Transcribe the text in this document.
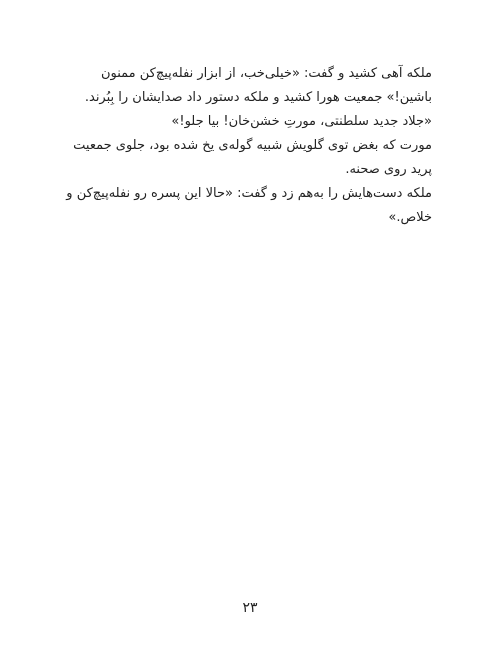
ملکه آهی کشید و گفت: «خیلی‌خب، از ابزار نفله‌پیچ‌کن ممنون باشین!» جمعیت هورا کشید و ملکه دستور داد صدایشان را بِبُرند.

«جلاد جدید سلطنتی، مورتِ خشن‌خان! بیا جلو!»

مورت که بغض توی گلویش شبیه گوله‌ی یخ شده بود، جلوی جمعیت پرید روی صحنه.

ملکه دست‌هایش را به‌هم زد و گفت: «حالا این پسره رو نفله‌پیچ‌کن و خلاص.»

۲۳
